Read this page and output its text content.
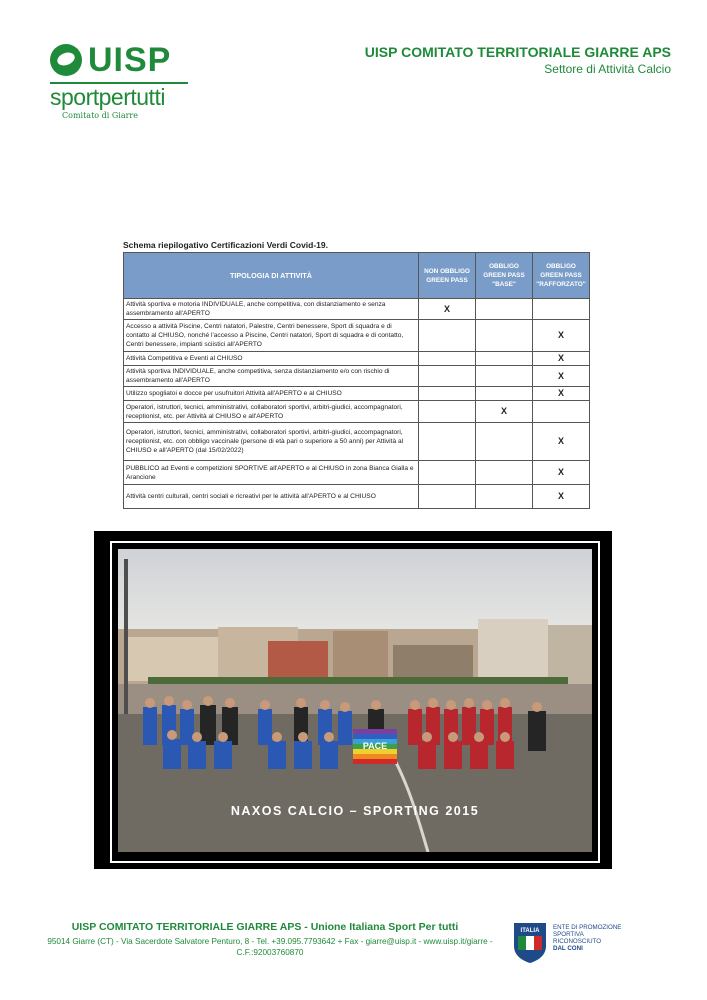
UISP
sportpertutti
Comitato di Giarre
UISP COMITATO TERRITORIALE GIARRE APS
Settore di Attività Calcio
Schema riepilogativo Certificazioni Verdi Covid-19.
TIPOLOGIA DI ATTIVITÀ	NON OBBLIGO GREEN PASS	OBBLIGO GREEN PASS "BASE"	OBBLIGO GREEN PASS "RAFFORZATO"
Attività sportiva e motoria INDIVIDUALE, anche competitiva, con distanziamento e senza assembramento all'APERTO	X		
Accesso a attività Piscine, Centri natatori, Palestre, Centri benessere, Sport di squadra e di contatto al CHIUSO, nonché l'accesso a Piscine, Centri natatori, Sport di squadra e di contatto, Centri benessere, impianti sciistici all'APERTO			X
Attività Competitiva e Eventi al CHIUSO			X
Attività sportiva INDIVIDUALE, anche competitiva, senza distanziamento e/o con rischio di assembramento all'APERTO			X
Utilizzo spogliatoi e docce per usufruitori Attività all'APERTO e al CHIUSO			X
Operatori, istruttori, tecnici, amministrativi, collaboratori sportivi, arbitri-giudici, accompagnatori, receptionist, etc. per Attività al CHIUSO e all'APERTO		X	
Operatori, istruttori, tecnici, amministrativi, collaboratori sportivi, arbitri-giudici, accompagnatori, receptionist, etc. con obbligo vaccinale (persone di età pari o superiore a 50 anni) per Attività al CHIUSO e all'APERTO (dal 15/02/2022)			X
PUBBLICO ad Eventi e competizioni SPORTIVE all'APERTO e al CHIUSO in zona Bianca Gialla e Arancione			X
Attività centri culturali, centri sociali e ricreativi per le attività all'APERTO e al CHIUSO			X
PACE
NAXOS CALCIO – SPORTING 2015
UISP COMITATO TERRITORIALE GIARRE APS - Unione Italiana Sport Per tutti
95014 Giarre (CT) - Via Sacerdote Salvatore Penturo, 8 - Tel. +39.095.7793642 + Fax - giarre@uisp.it - www.uisp.it/giarre - C.F.:92003760870
ITALIA ENTE DI PROMOZIONE
SPORTIVA
RICONOSCIUTO
DAL CONI
